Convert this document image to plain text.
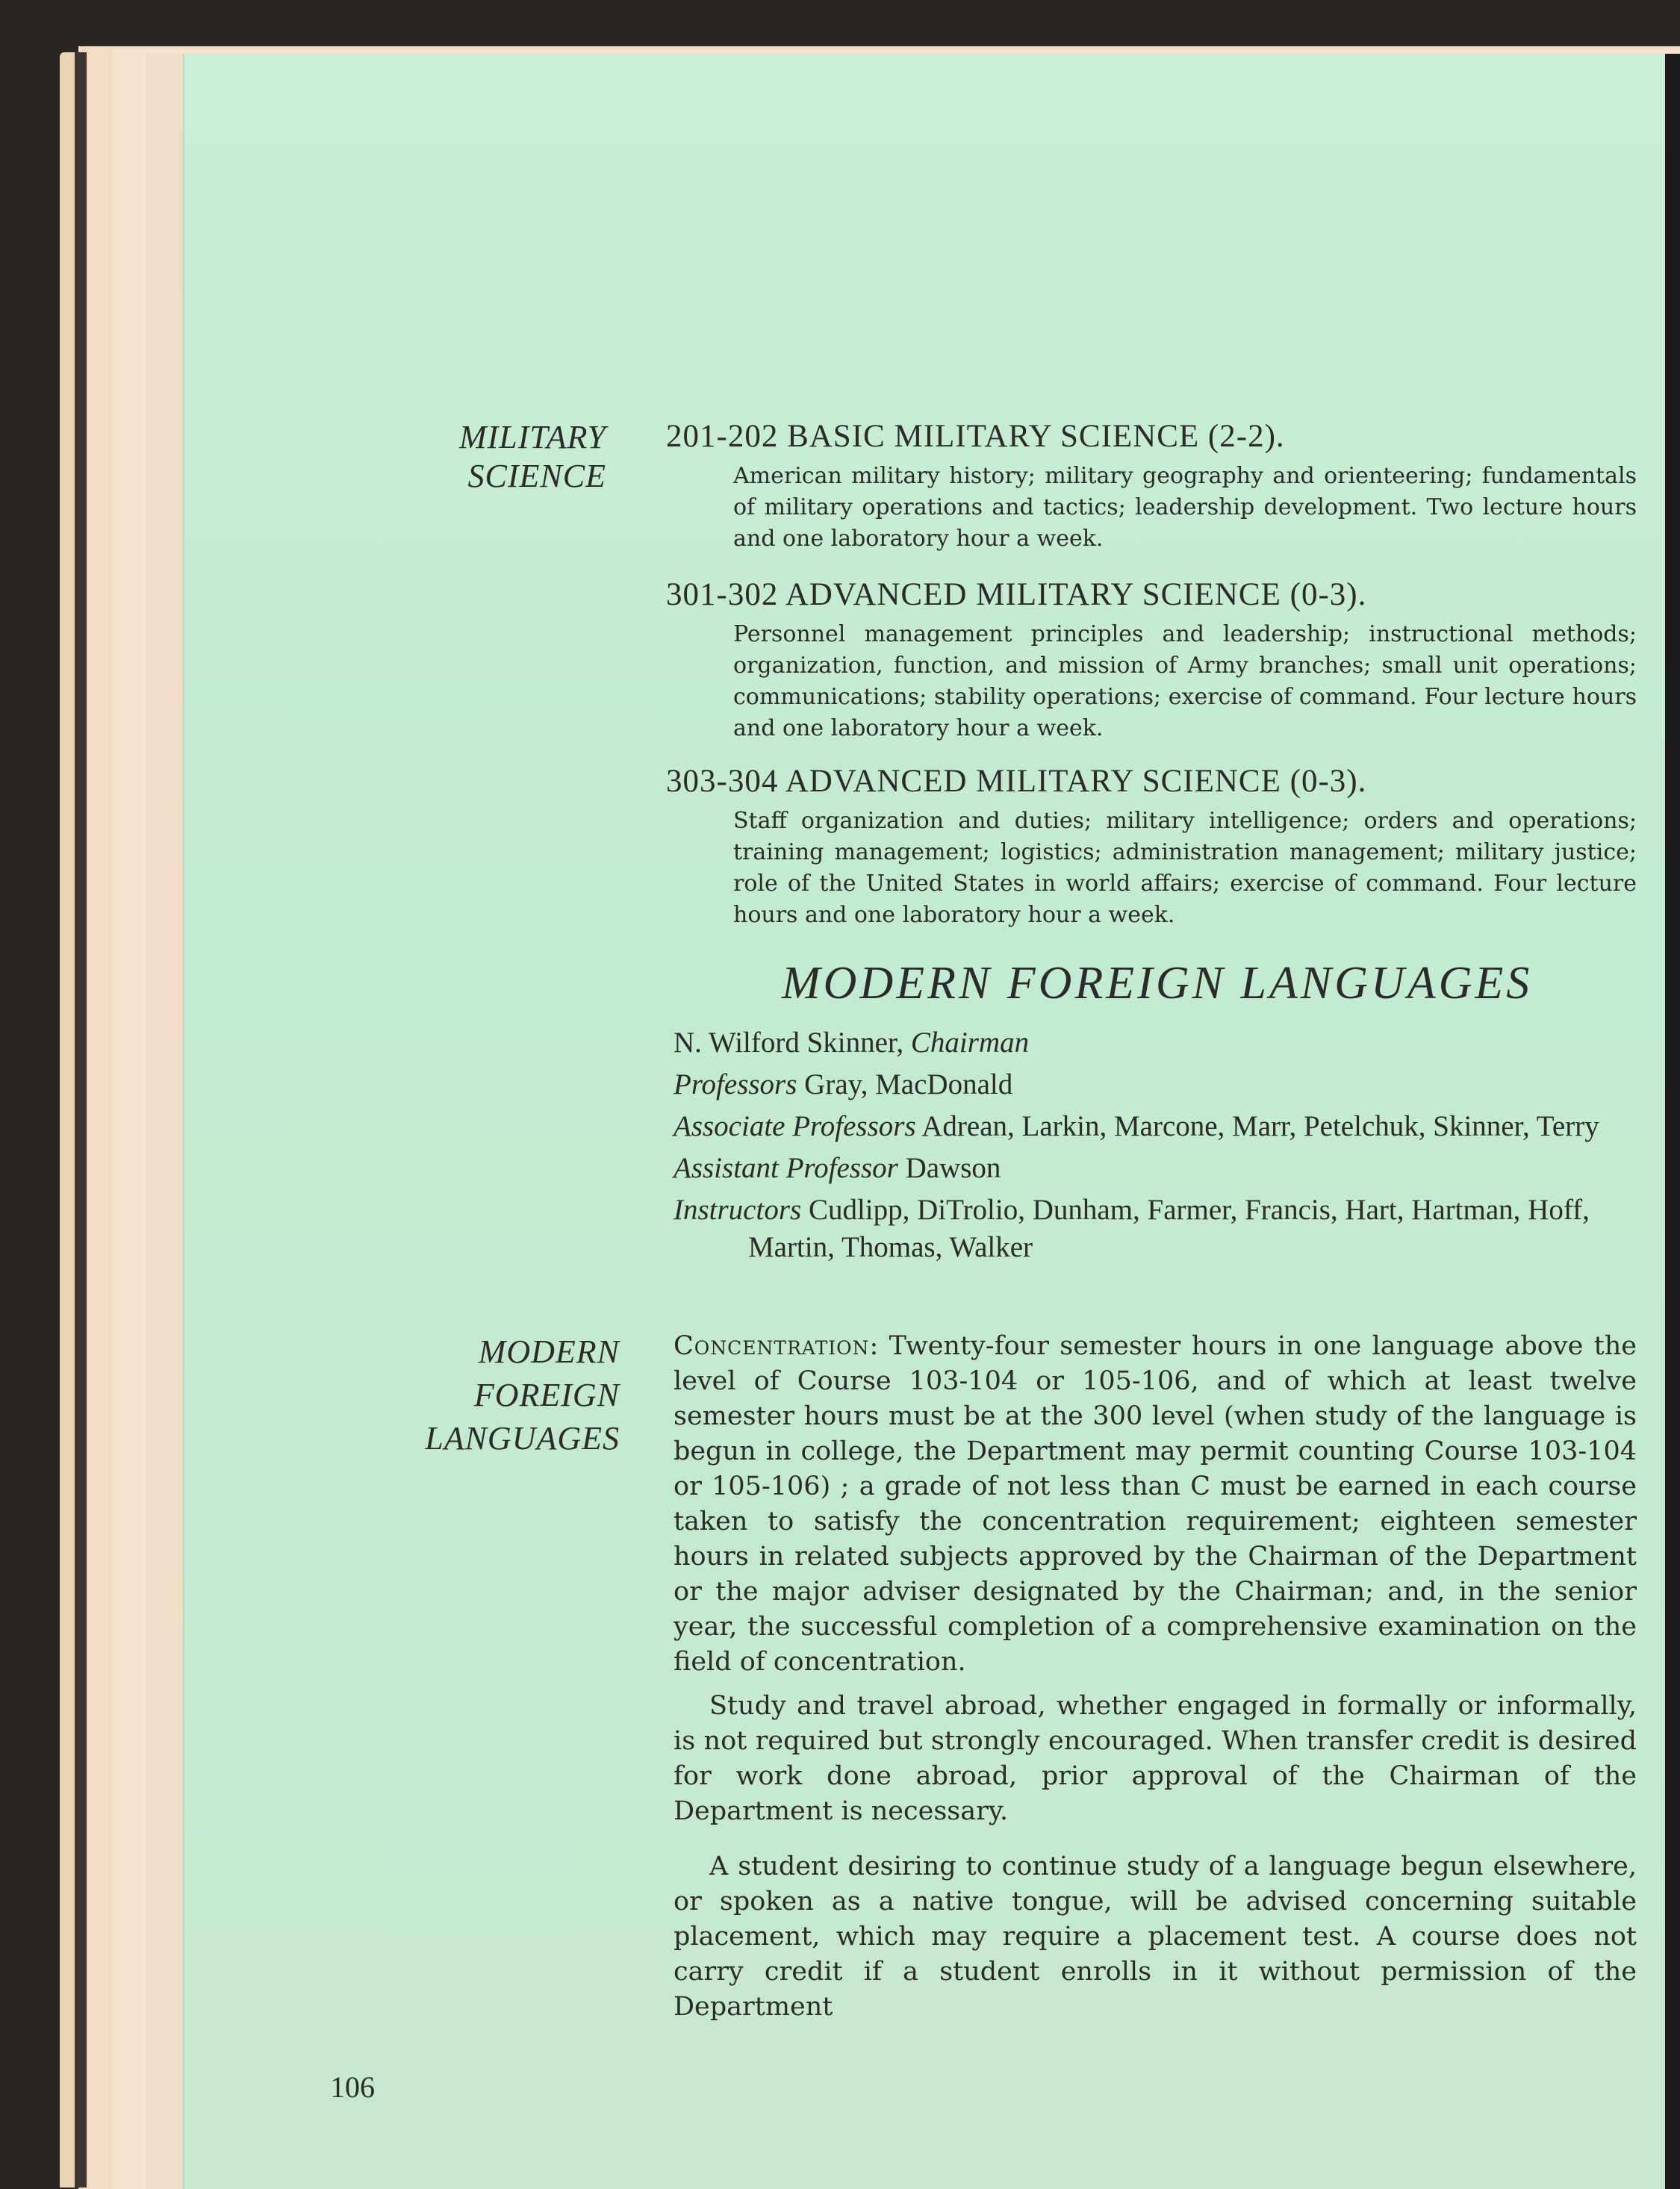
MILITARY
SCIENCE
201-202 BASIC MILITARY SCIENCE (2-2).
American military history; military geography and orienteering; fundamentals of military operations and tactics; leadership development. Two lecture hours and one laboratory hour a week.
301-302 ADVANCED MILITARY SCIENCE (0-3).
Personnel management principles and leadership; instructional methods; organization, function, and mission of Army branches; small unit operations; communications; stability operations; exercise of command. Four lecture hours and one laboratory hour a week.
303-304 ADVANCED MILITARY SCIENCE (0-3).
Staff organization and duties; military intelligence; orders and operations; training management; logistics; administration management; military justice; role of the United States in world affairs; exercise of command. Four lecture hours and one laboratory hour a week.
MODERN FOREIGN LANGUAGES
N. Wilford Skinner, Chairman
Professors Gray, MacDonald
Associate Professors Adrean, Larkin, Marcone, Marr, Petelchuk, Skinner, Terry
Assistant Professor Dawson
Instructors Cudlipp, DiTrolio, Dunham, Farmer, Francis, Hart, Hartman, Hoff, Martin, Thomas, Walker
MODERN
FOREIGN
LANGUAGES
Concentration: Twenty-four semester hours in one language above the level of Course 103-104 or 105-106, and of which at least twelve semester hours must be at the 300 level (when study of the language is begun in college, the Department may permit counting Course 103-104 or 105-106) ; a grade of not less than C must be earned in each course taken to satisfy the concentration requirement; eighteen semester hours in related subjects approved by the Chairman of the Department or the major adviser designated by the Chairman; and, in the senior year, the successful completion of a comprehensive examination on the field of concentration.
Study and travel abroad, whether engaged in formally or informally, is not required but strongly encouraged. When transfer credit is desired for work done abroad, prior approval of the Chairman of the Department is necessary.
A student desiring to continue study of a language begun elsewhere, or spoken as a native tongue, will be advised concerning suitable placement, which may require a placement test. A course does not carry credit if a student enrolls in it without permission of the Department
106
